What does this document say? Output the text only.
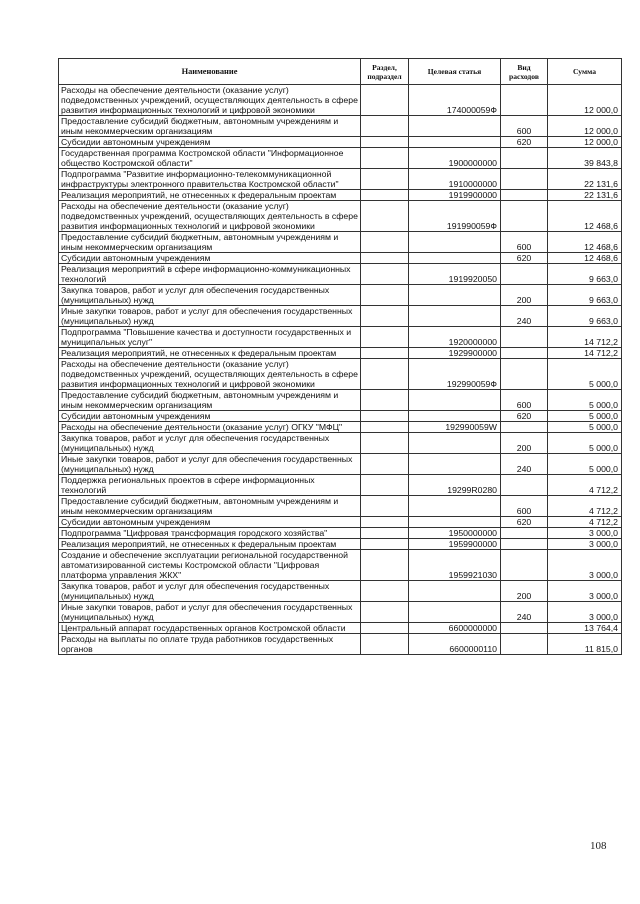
Наименование	Раздел, подраздел	Целевая статья	Вид расходов	Сумма
Расходы на обеспечение деятельности (оказание услуг) подведомственных учреждений, осуществляющих деятельность в сфере развития информационных технологий и цифровой экономики		174000059Ф		12 000,0
Предоставление субсидий бюджетным, автономным учреждениям и иным некоммерческим организациям			600	12 000,0
Субсидии автономным учреждениям			620	12 000,0
Государственная программа Костромской области "Информационное общество Костромской области"		1900000000		39 843,8
Подпрограмма "Развитие информационно-телекоммуникационной инфраструктуры электронного правительства Костромской области"		1910000000		22 131,6
Реализация мероприятий, не отнесенных к федеральным проектам		1919900000		22 131,6
Расходы на обеспечение деятельности (оказание услуг) подведомственных учреждений, осуществляющих деятельность в сфере развития информационных технологий и цифровой экономики		191990059Ф		12 468,6
Предоставление субсидий бюджетным, автономным учреждениям и иным некоммерческим организациям			600	12 468,6
Субсидии автономным учреждениям			620	12 468,6
Реализация мероприятий в сфере информационно-коммуникационных технологий		1919920050		9 663,0
Закупка товаров, работ и услуг для обеспечения государственных (муниципальных) нужд			200	9 663,0
Иные закупки товаров, работ и услуг для обеспечения государственных (муниципальных) нужд			240	9 663,0
Подпрограмма "Повышение качества и доступности государственных и муниципальных услуг"		1920000000		14 712,2
Реализация мероприятий, не отнесенных к федеральным проектам		1929900000		14 712,2
Расходы на обеспечение деятельности (оказание услуг) подведомственных учреждений, осуществляющих деятельность в сфере развития информационных технологий и цифровой экономики		192990059Ф		5 000,0
Предоставление субсидий бюджетным, автономным учреждениям и иным некоммерческим организациям			600	5 000,0
Субсидии автономным учреждениям			620	5 000,0
Расходы на обеспечение деятельности (оказание услуг) ОГКУ "МФЦ"		192990059W		5 000,0
Закупка товаров, работ и услуг для обеспечения государственных (муниципальных) нужд			200	5 000,0
Иные закупки товаров, работ и услуг для обеспечения государственных (муниципальных) нужд			240	5 000,0
Поддержка региональных проектов в сфере информационных технологий		19299R0280		4 712,2
Предоставление субсидий бюджетным, автономным учреждениям и иным некоммерческим организациям			600	4 712,2
Субсидии автономным учреждениям			620	4 712,2
Подпрограмма "Цифровая трансформация городского хозяйства"		1950000000		3 000,0
Реализация мероприятий, не отнесенных к федеральным проектам		1959900000		3 000,0
Создание и обеспечение эксплуатации региональной государственной автоматизированной системы Костромской области "Цифровая платформа управления ЖКХ"		1959921030		3 000,0
Закупка товаров, работ и услуг для обеспечения государственных (муниципальных) нужд			200	3 000,0
Иные закупки товаров, работ и услуг для обеспечения государственных (муниципальных) нужд			240	3 000,0
Центральный аппарат государственных органов Костромской области		6600000000		13 764,4
Расходы на выплаты по оплате труда работников государственных органов		6600000110		11 815,0
108
